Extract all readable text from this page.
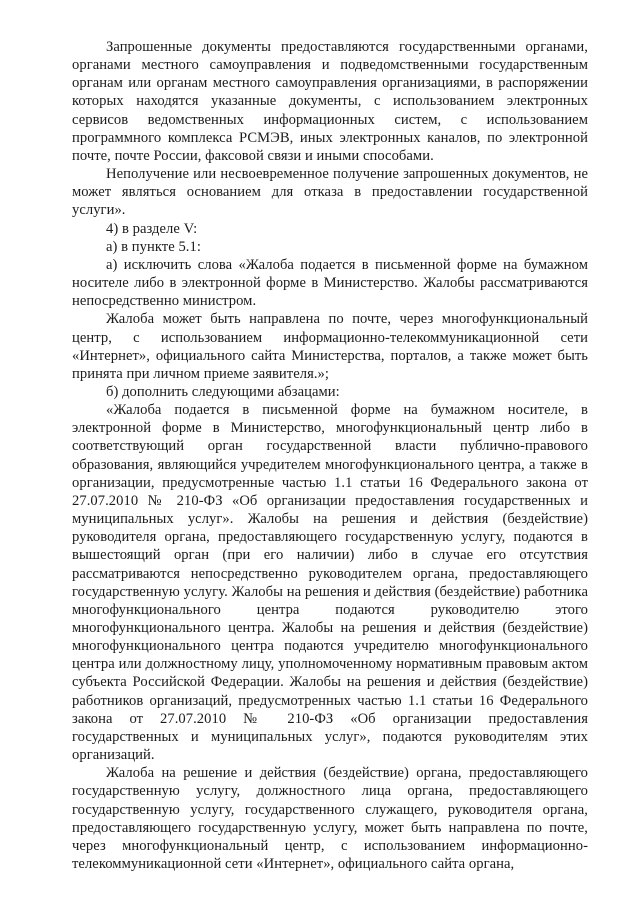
Запрошенные документы предоставляются государственными органами, органами местного самоуправления и подведомственными государственным органам или органам местного самоуправления организациями, в распоряжении которых находятся указанные документы, с использованием электронных сервисов ведомственных информационных систем, с использованием программного комплекса РСМЭВ, иных электронных каналов, по электронной почте, почте России, факсовой связи и иными способами.

Неполучение или несвоевременное получение запрошенных документов, не может являться основанием для отказа в предоставлении государственной услуги».

4) в разделе V:

а) в пункте 5.1:

а) исключить слова «Жалоба подается в письменной форме на бумажном носителе либо в электронной форме в Министерство. Жалобы рассматриваются непосредственно министром.

Жалоба может быть направлена по почте, через многофункциональный центр, с использованием информационно-телекоммуникационной сети «Интернет», официального сайта Министерства, порталов, а также может быть принята при личном приеме заявителя.»;

б) дополнить следующими абзацами:

«Жалоба подается в письменной форме на бумажном носителе, в электронной форме в Министерство, многофункциональный центр либо в соответствующий орган государственной власти публично-правового образования, являющийся учредителем многофункционального центра, а также в организации, предусмотренные частью 1.1 статьи 16 Федерального закона от 27.07.2010 № 210-ФЗ «Об организации предоставления государственных и муниципальных услуг». Жалобы на решения и действия (бездействие) руководителя органа, предоставляющего государственную услугу, подаются в вышестоящий орган (при его наличии) либо в случае его отсутствия рассматриваются непосредственно руководителем органа, предоставляющего государственную услугу. Жалобы на решения и действия (бездействие) работника многофункционального центра подаются руководителю этого многофункционального центра. Жалобы на решения и действия (бездействие) многофункционального центра подаются учредителю многофункционального центра или должностному лицу, уполномоченному нормативным правовым актом субъекта Российской Федерации. Жалобы на решения и действия (бездействие) работников организаций, предусмотренных частью 1.1 статьи 16 Федерального закона от 27.07.2010 № 210-ФЗ «Об организации предоставления государственных и муниципальных услуг», подаются руководителям этих организаций.

Жалоба на решение и действия (бездействие) органа, предоставляющего государственную услугу, должностного лица органа, предоставляющего государственную услугу, государственного служащего, руководителя органа, предоставляющего государственную услугу, может быть направлена по почте, через многофункциональный центр, с использованием информационно-телекоммуникационной сети «Интернет», официального сайта органа,
